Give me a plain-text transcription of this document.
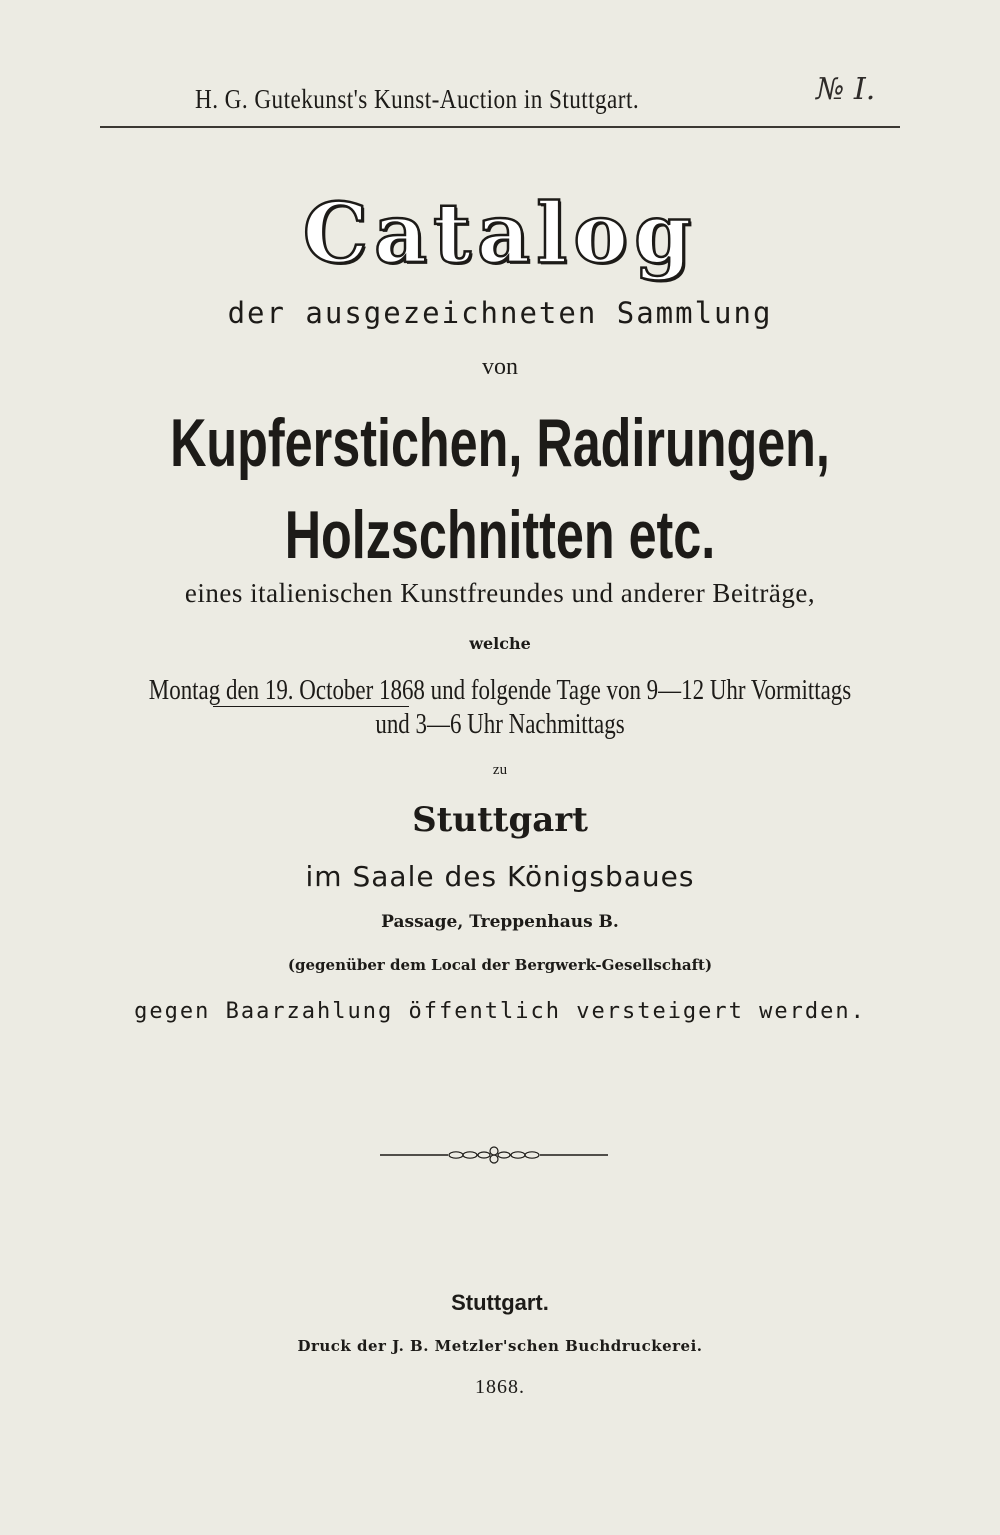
H. G. Gutekunst's Kunst-Auction in Stuttgart.	№ I.
Catalog
der ausgezeichneten Sammlung
von
Kupferstichen, Radirungen,
Holzschnitten etc.
eines italienischen Kunstfreundes und anderer Beiträge,
welche
Montag den 19. October 1868 und folgende Tage von 9—12 Uhr Vormittags
und 3—6 Uhr Nachmittags
zu
Stuttgart
im Saale des Königsbaues
Passage, Treppenhaus B.
(gegenüber dem Local der Bergwerk-Gesellschaft)
gegen Baarzahlung öffentlich versteigert werden.
Stuttgart.
Druck der J. B. Metzler'schen Buchdruckerei.
1868.
